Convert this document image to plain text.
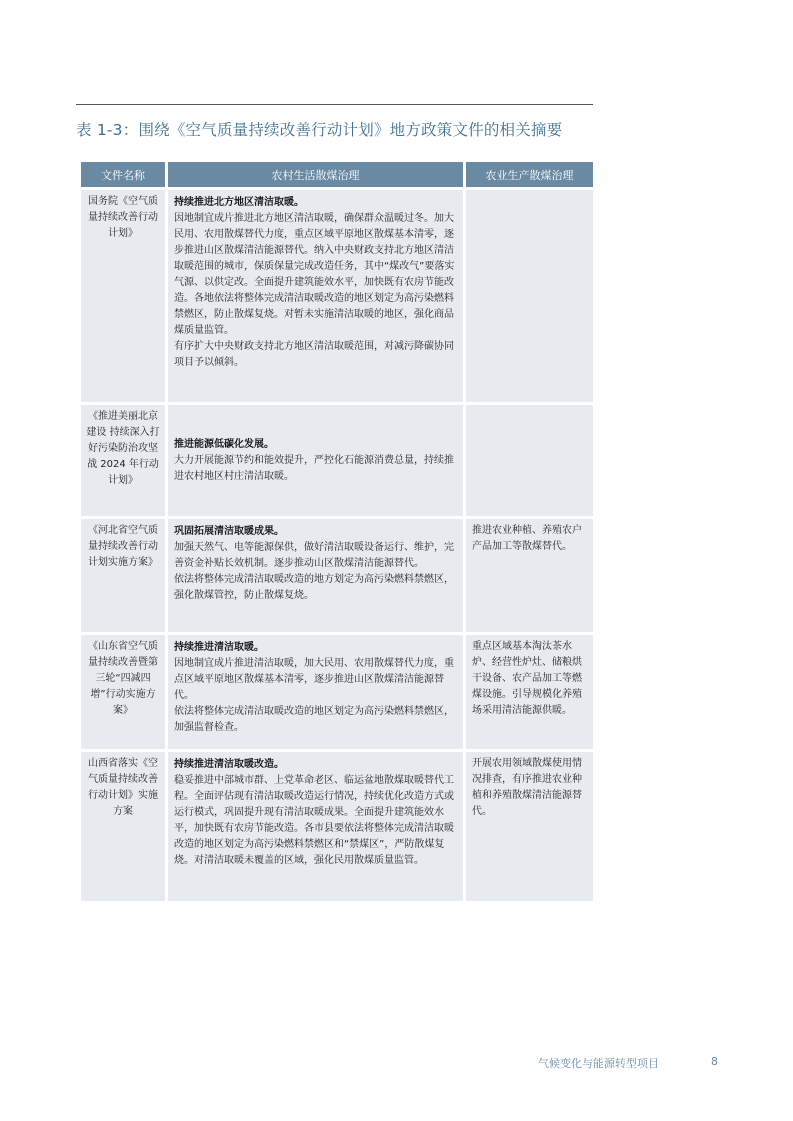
表 1-3：围绕《空气质量持续改善行动计划》地方政策文件的相关摘要
文件名称	农村生活散煤治理	农业生产散煤治理
国务院《空气质量持续改善行动计划》	持续推进北方地区清洁取暖。
因地制宜成片推进北方地区清洁取暖，确保群众温暖过冬。加大民用、农用散煤替代力度，重点区域平原地区散煤基本清零，逐步推进山区散煤清洁能源替代。纳入中央财政支持北方地区清洁取暖范围的城市，保质保量完成改造任务，其中“煤改气”要落实气源、以供定改。全面提升建筑能效水平，加快既有农房节能改造。各地依法将整体完成清洁取暖改造的地区划定为高污染燃料禁燃区，防止散煤复烧。对暂未实施清洁取暖的地区，强化商品煤质量监管。
有序扩大中央财政支持北方地区清洁取暖范围，对减污降碳协同项目予以倾斜。	

《推进美丽北京建设 持续深入打好污染防治攻坚战 2024 年行动计划》	推进能源低碳化发展。
大力开展能源节约和能效提升，严控化石能源消费总量，持续推进农村地区村庄清洁取暖。	

《河北省空气质量持续改善行动计划实施方案》	巩固拓展清洁取暖成果。
加强天然气、电等能源保供，做好清洁取暖设备运行、维护，完善资金补贴长效机制。逐步推动山区散煤清洁能源替代。
依法将整体完成清洁取暖改造的地方划定为高污染燃料禁燃区，强化散煤管控，防止散煤复烧。	推进农业种植、养殖农户产品加工等散煤替代。
《山东省空气质量持续改善暨第三轮“四减四增”行动实施方案》	持续推进清洁取暖。
因地制宜成片推进清洁取暖，加大民用、农用散煤替代力度，重点区域平原地区散煤基本清零，逐步推进山区散煤清洁能源替代。
依法将整体完成清洁取暖改造的地区划定为高污染燃料禁燃区，加强监督检查。	重点区域基本淘汰茶水炉、经营性炉灶、储粮烘干设备、农产品加工等燃煤设施。引导规模化养殖场采用清洁能源供暖。
山西省落实《空气质量持续改善行动计划》实施方案	持续推进清洁取暖改造。
稳妥推进中部城市群、上党革命老区、临运盆地散煤取暖替代工程。全面评估现有清洁取暖改造运行情况，持续优化改造方式或运行模式，巩固提升现有清洁取暖成果。全面提升建筑能效水平，加快既有农房节能改造。各市县要依法将整体完成清洁取暖改造的地区划定为高污染燃料禁燃区和“禁煤区”，严防散煤复烧。对清洁取暖未覆盖的区域，强化民用散煤质量监管。	开展农用领域散煤使用情况排查，有序推进农业种植和养殖散煤清洁能源替代。
气候变化与能源转型项目	8
